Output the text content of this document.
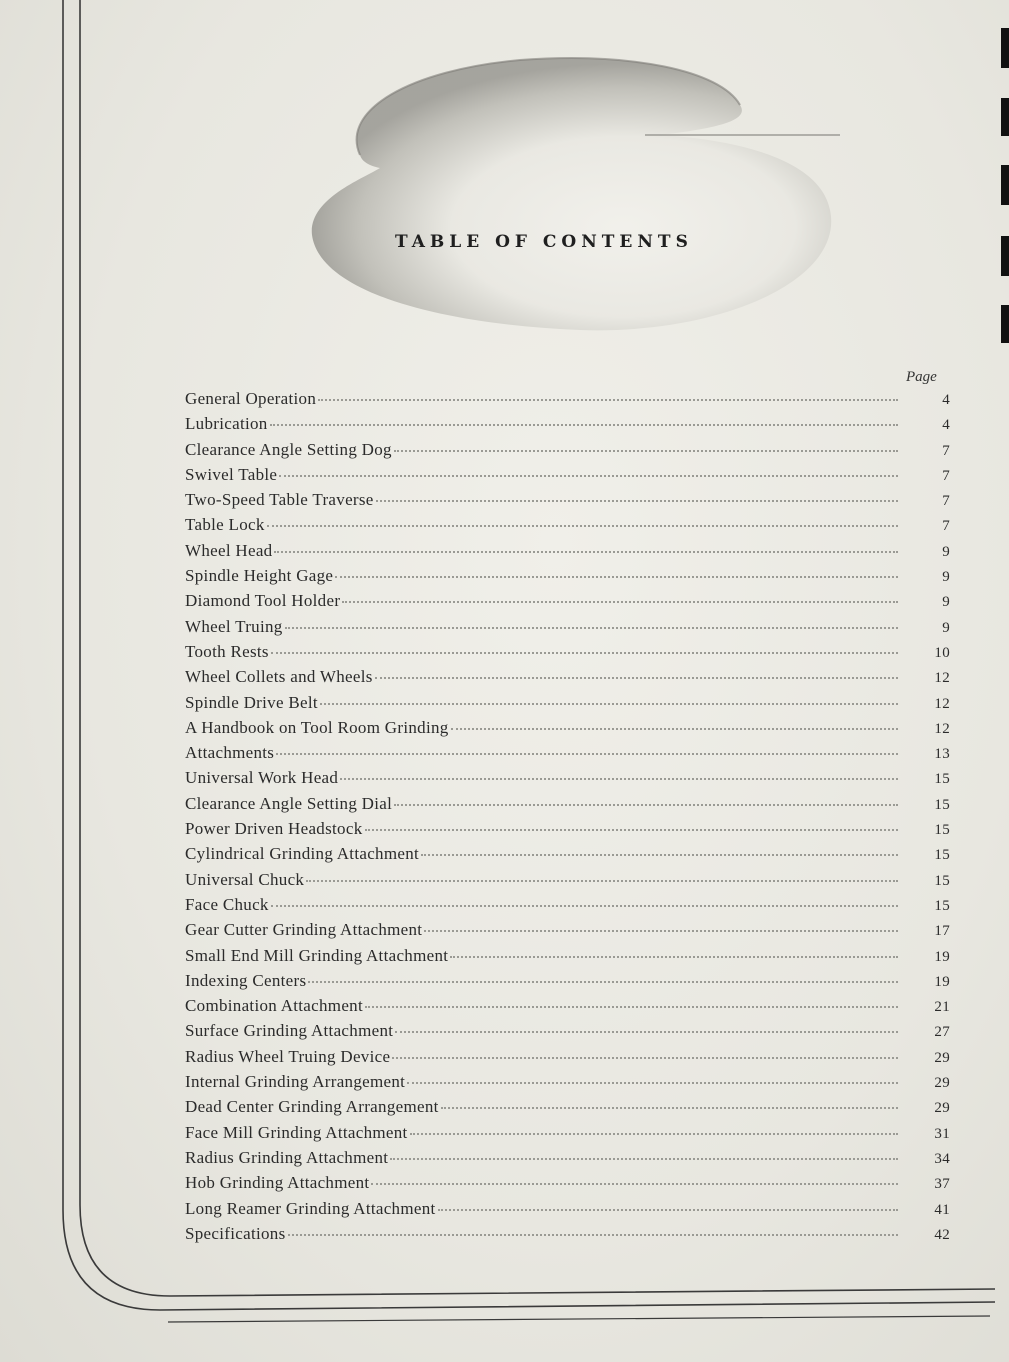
TABLE OF CONTENTS
Page
General Operation	4
Lubrication	4
Clearance Angle Setting Dog	7
Swivel Table	7
Two-Speed Table Traverse	7
Table Lock	7
Wheel Head	9
Spindle Height Gage	9
Diamond Tool Holder	9
Wheel Truing	9
Tooth Rests	10
Wheel Collets and Wheels	12
Spindle Drive Belt	12
A Handbook on Tool Room Grinding	12
Attachments	13
Universal Work Head	15
Clearance Angle Setting Dial	15
Power Driven Headstock	15
Cylindrical Grinding Attachment	15
Universal Chuck	15
Face Chuck	15
Gear Cutter Grinding Attachment	17
Small End Mill Grinding Attachment	19
Indexing Centers	19
Combination Attachment	21
Surface Grinding Attachment	27
Radius Wheel Truing Device	29
Internal Grinding Arrangement	29
Dead Center Grinding Arrangement	29
Face Mill Grinding Attachment	31
Radius Grinding Attachment	34
Hob Grinding Attachment	37
Long Reamer Grinding Attachment	41
Specifications	42
